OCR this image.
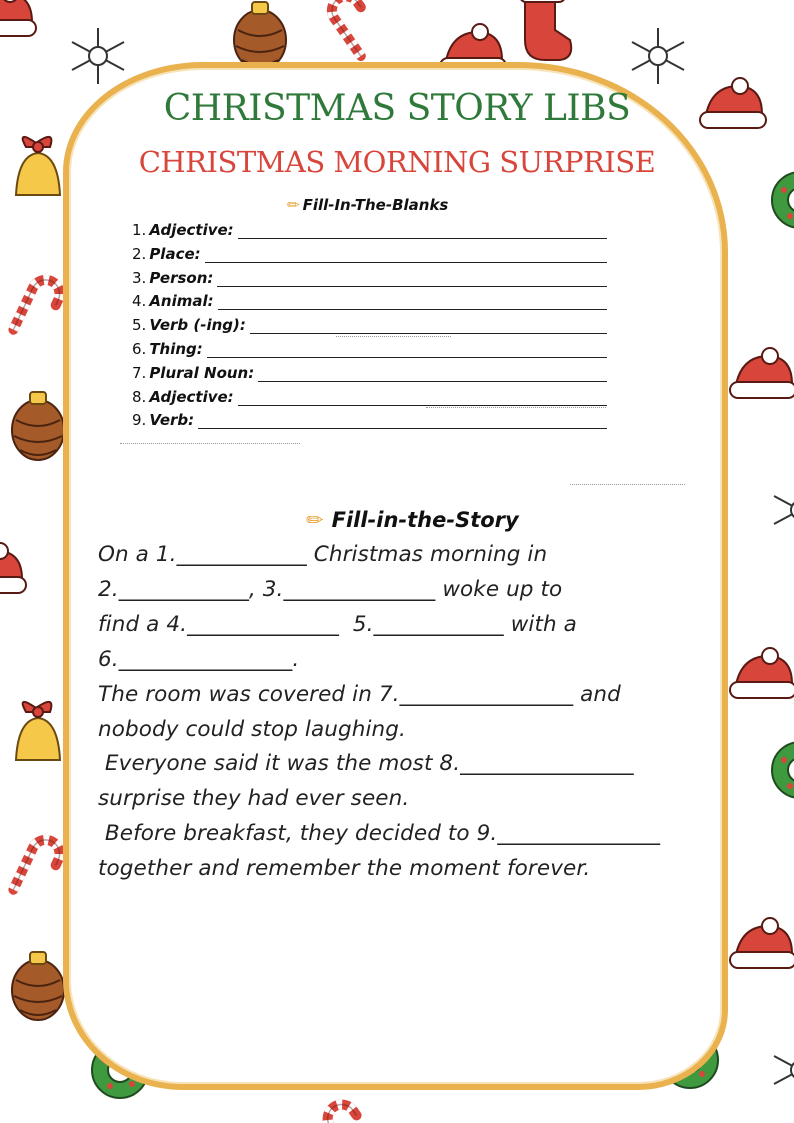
CHRISTMAS STORY LIBS
CHRISTMAS MORNING SURPRISE
✏ Fill-In-The-Blanks
1. Adjective:
2. Place:
3. Person:
4. Animal:
5. Verb (-ing):
6. Thing:
7. Plural Noun:
8. Adjective:
9. Verb:
✏ Fill-in-the-Story
On a 1.____________ Christmas morning in
2.____________, 3.______________ woke up to
find a 4.______________  5.____________ with a
6.________________.
The room was covered in 7.________________ and
nobody could stop laughing.
Everyone said it was the most 8.________________
surprise they had ever seen.
Before breakfast, they decided to 9._______________
together and remember the moment forever.
